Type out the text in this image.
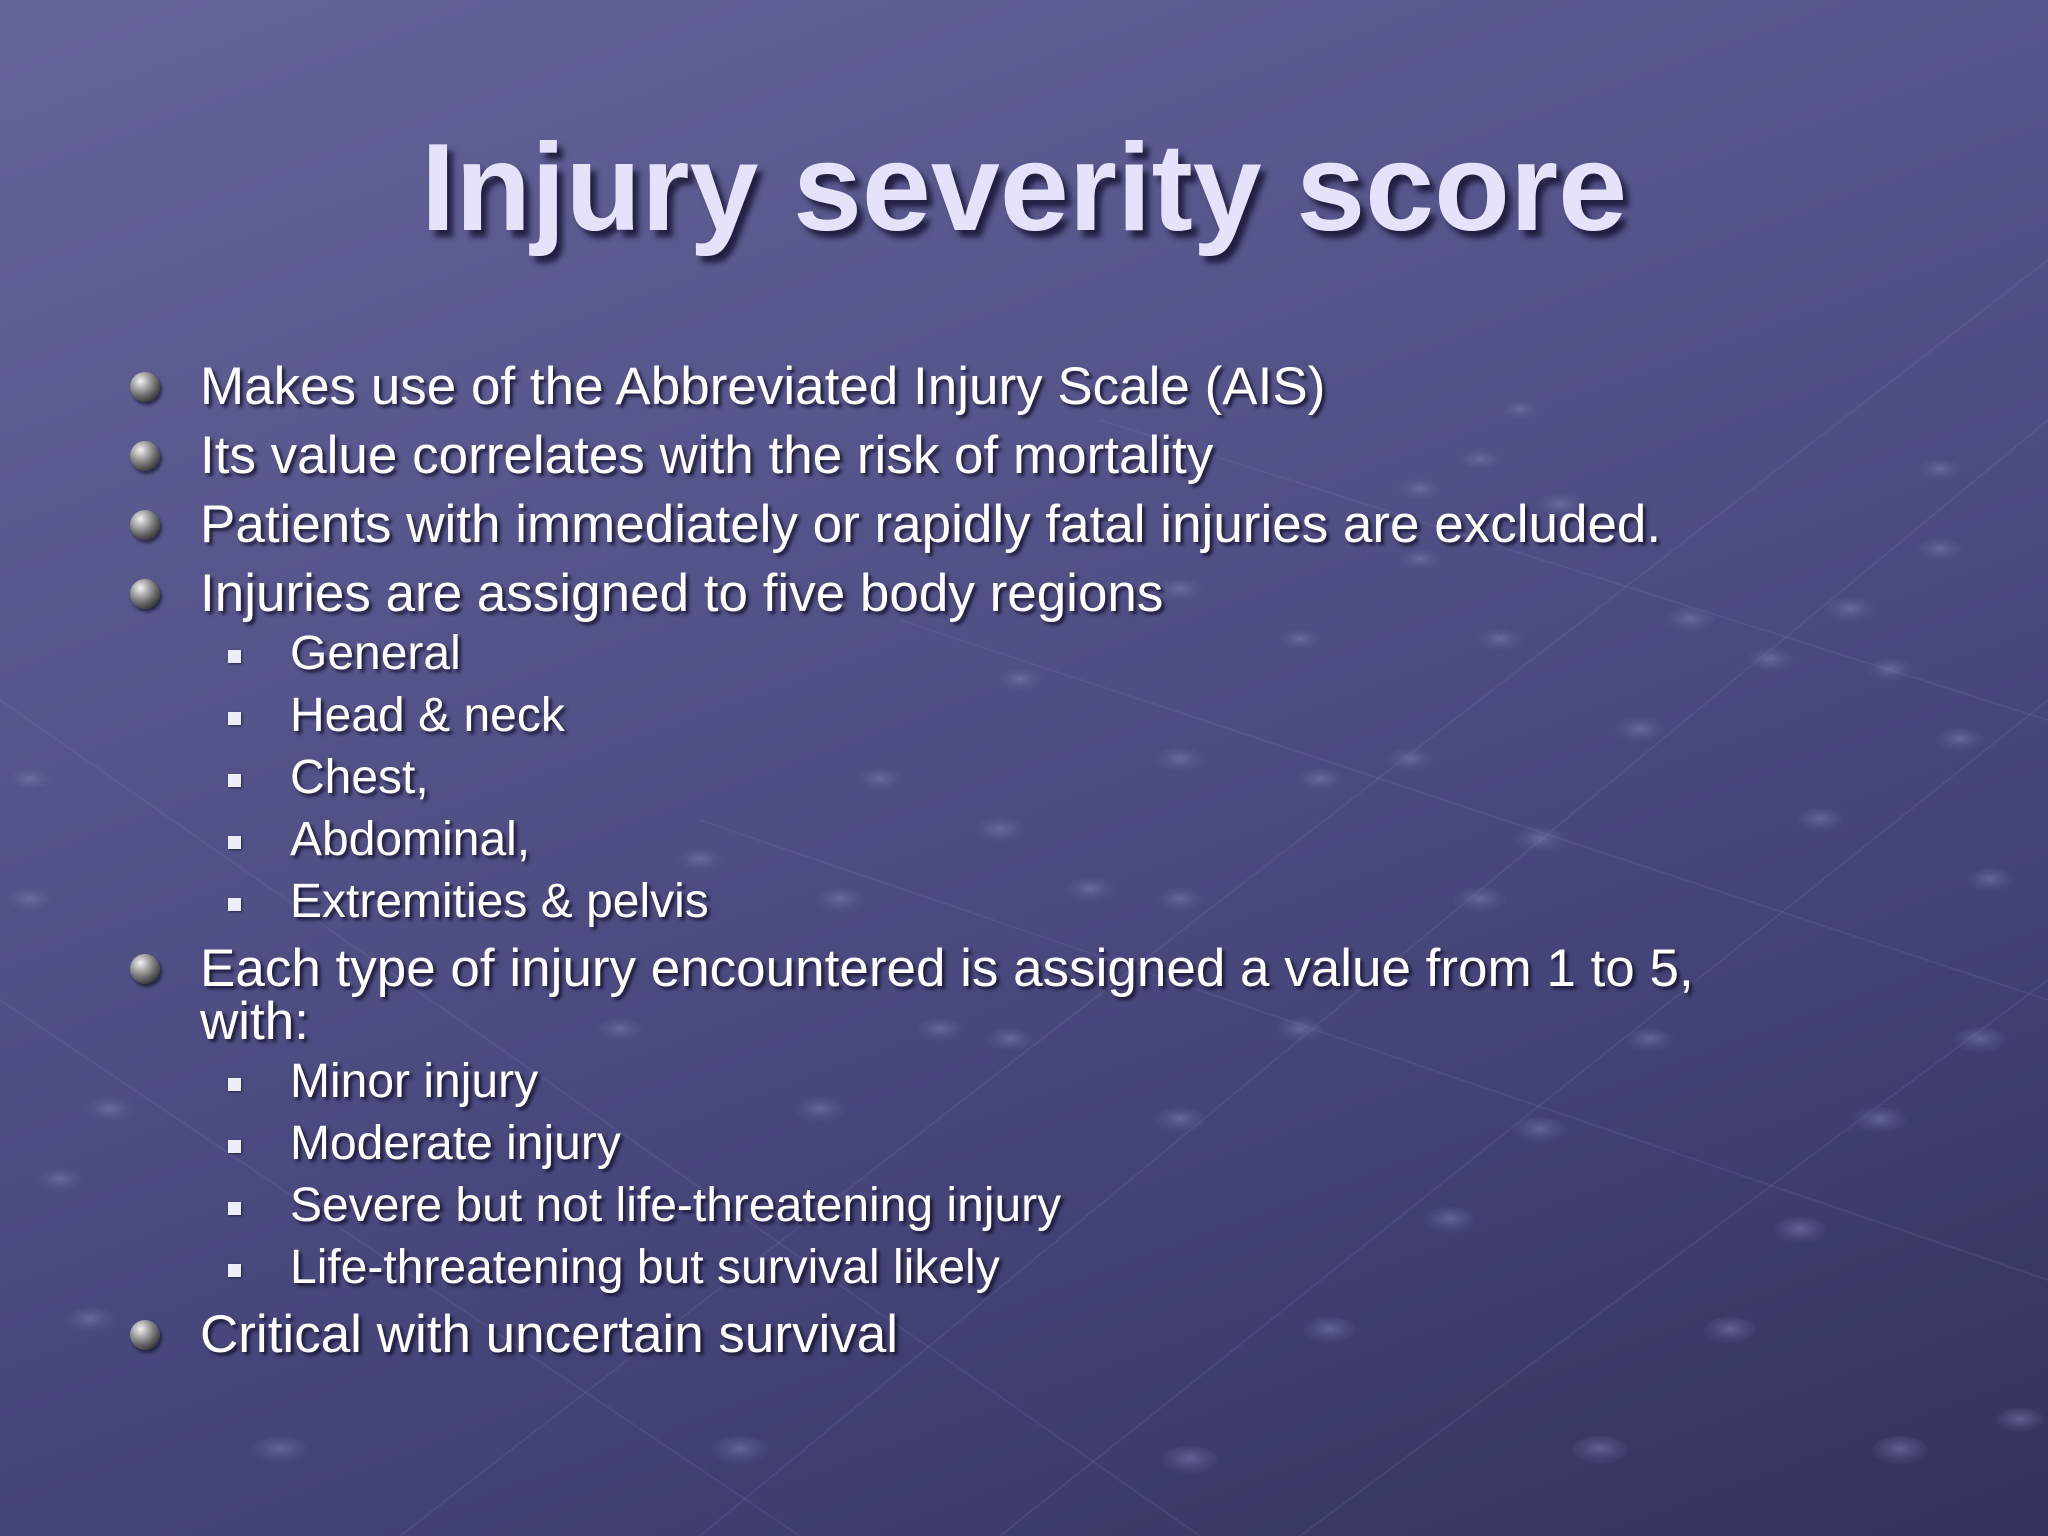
Injury severity score
Makes use of the Abbreviated Injury Scale (AIS)
Its value correlates with the risk of mortality
Patients with immediately or rapidly fatal injuries are excluded.
Injuries are assigned to five body regions
General
Head & neck
Chest,
Abdominal,
Extremities & pelvis
Each type of injury encountered is assigned a value from 1 to 5,
with:
Minor injury
Moderate injury
Severe but not life-threatening injury
Life-threatening but survival likely
Critical with uncertain survival
